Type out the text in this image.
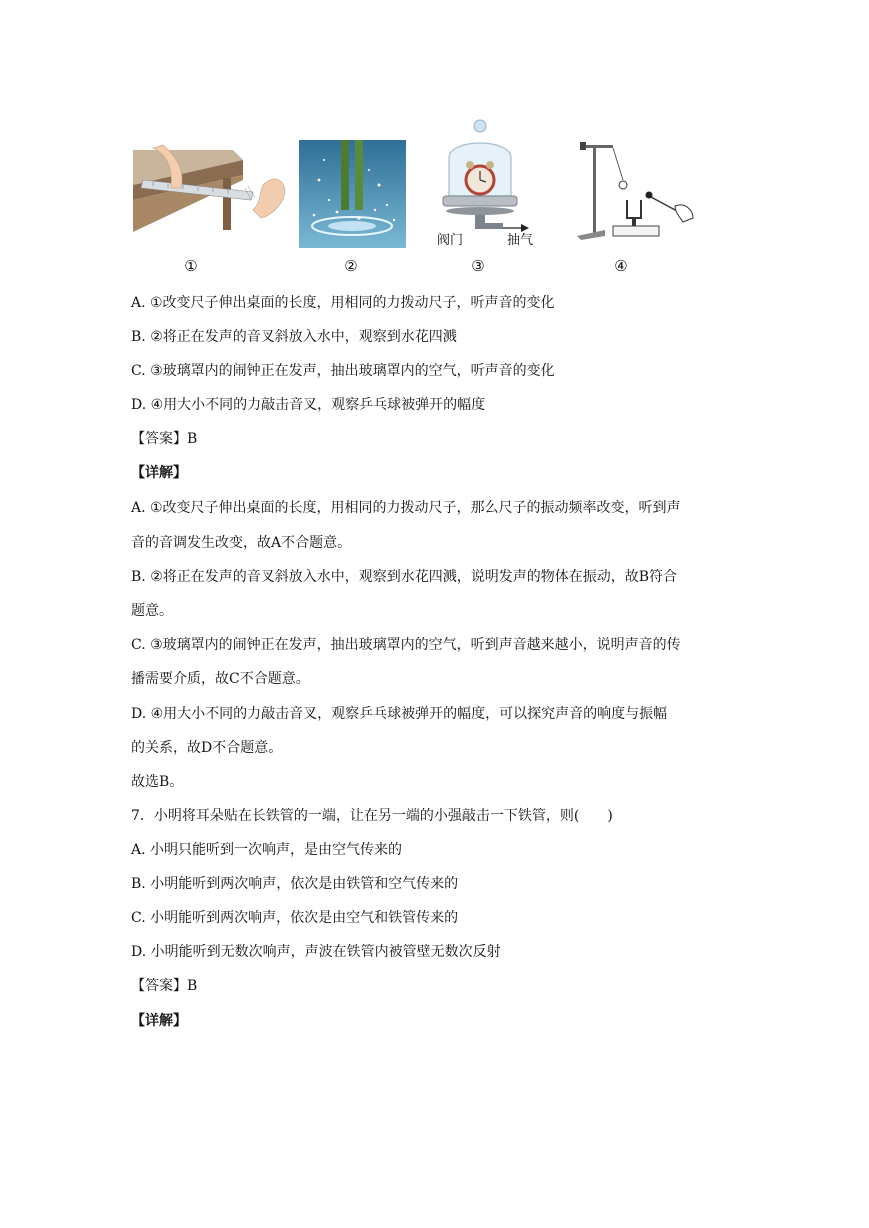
阀门	抽气
①	②	③	④
A. ①改变尺子伸出桌面的长度，用相同的力拨动尺子，听声音的变化
B. ②将正在发声的音叉斜放入水中，观察到水花四溅
C. ③玻璃罩内的闹钟正在发声，抽出玻璃罩内的空气，听声音的变化
D. ④用大小不同的力敲击音叉，观察乒乓球被弹开的幅度
【答案】B
【详解】
A. ①改变尺子伸出桌面的长度，用相同的力拨动尺子，那么尺子的振动频率改变，听到声
音的音调发生改变，故A不合题意。
B. ②将正在发声的音叉斜放入水中，观察到水花四溅，说明发声的物体在振动，故B符合
题意。
C. ③玻璃罩内的闹钟正在发声，抽出玻璃罩内的空气，听到声音越来越小，说明声音的传
播需要介质，故C不合题意。
D. ④用大小不同的力敲击音叉，观察乒乓球被弹开的幅度，可以探究声音的响度与振幅
的关系，故D不合题意。
故选B。
7．小明将耳朵贴在长铁管的一端，让在另一端的小强敲击一下铁管，则(　　)
A. 小明只能听到一次响声，是由空气传来的
B. 小明能听到两次响声，依次是由铁管和空气传来的
C. 小明能听到两次响声，依次是由空气和铁管传来的
D. 小明能听到无数次响声，声波在铁管内被管壁无数次反射
【答案】B
【详解】
